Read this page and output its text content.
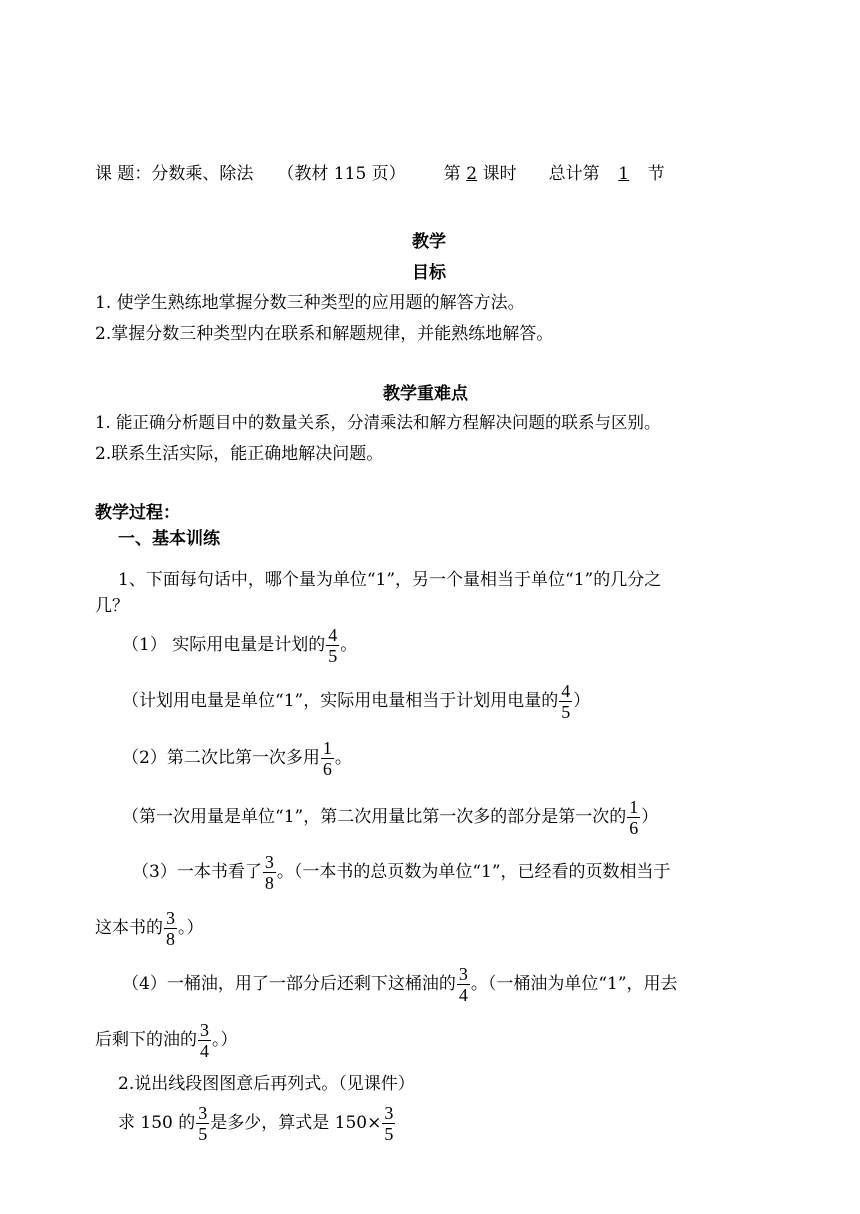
课 题：分数乘、除法 （教材 115 页） 第 2 课时 总计第 1 节
教学
目标
1. 使学生熟练地掌握分数三种类型的应用题的解答方法。
2.掌握分数三种类型内在联系和解题规律，并能熟练地解答。
教学重难点
1. 能正确分析题目中的数量关系，分清乘法和解方程解决问题的联系与区别。
2.联系生活实际，能正确地解决问题。
教学过程：
一、基本训练
1、下面每句话中，哪个量为单位“1”，另一个量相当于单位“1”的几分之
几？
（1） 实际用电量是计划的 $\frac{4}{5}$ 。
（计划用电量是单位“1”，实际用电量相当于计划用电量的 $\frac{4}{5}$ ）
（2）第二次比第一次多用 $\frac{1}{6}$ 。
（第一次用量是单位“1”，第二次用量比第一次多的部分是第一次的 $\frac{1}{6}$ ）
（3）一本书看了 $\frac{3}{8}$ 。（一本书的总页数为单位“1”，已经看的页数相当于
这本书的 $\frac{3}{8}$ 。）
（4）一桶油，用了一部分后还剩下这桶油的 $\frac{3}{4}$ 。（一桶油为单位“1”，用去
后剩下的油的 $\frac{3}{4}$ 。）
2.说出线段图图意后再列式。（见课件）
求 150 的 $\frac{3}{5}$ 是多少，算式是 $150\times \frac{3}{5}$
